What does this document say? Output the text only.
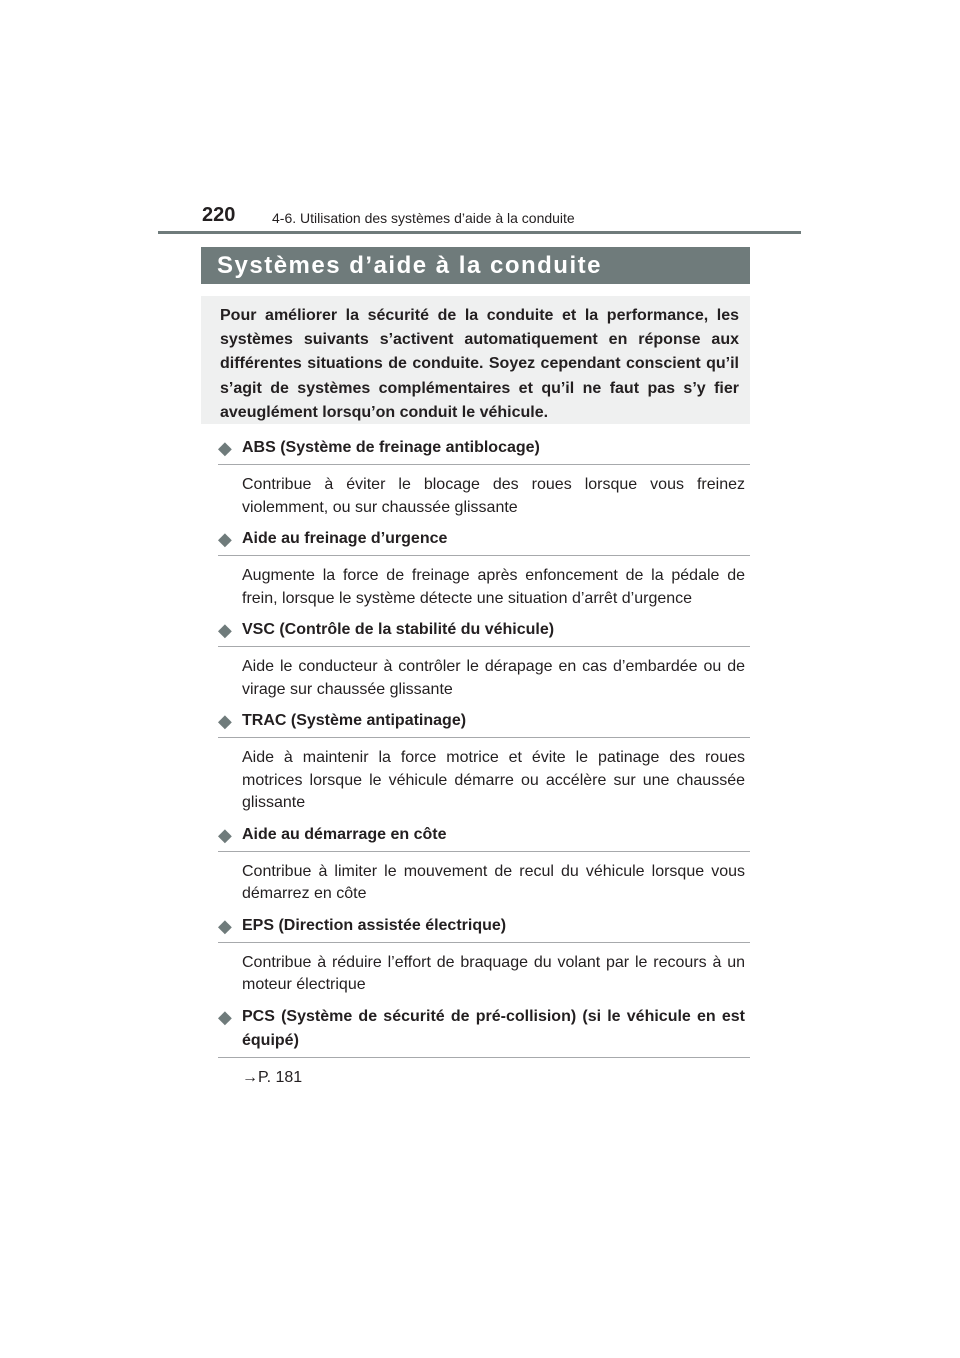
220	4-6. Utilisation des systèmes d’aide à la conduite
Systèmes d’aide à la conduite
Pour améliorer la sécurité de la conduite et la performance, les systèmes suivants s’activent automatiquement en réponse aux différentes situations de conduite. Soyez cependant conscient qu’il s’agit de systèmes complémentaires et qu’il ne faut pas s’y fier aveuglément lorsqu’on conduit le véhicule.
◆ ABS (Système de freinage antiblocage)
Contribue à éviter le blocage des roues lorsque vous freinez violemment, ou sur chaussée glissante
◆ Aide au freinage d’urgence
Augmente la force de freinage après enfoncement de la pédale de frein, lorsque le système détecte une situation d’arrêt d’urgence
◆ VSC (Contrôle de la stabilité du véhicule)
Aide le conducteur à contrôler le dérapage en cas d’embardée ou de virage sur chaussée glissante
◆ TRAC (Système antipatinage)
Aide à maintenir la force motrice et évite le patinage des roues motrices lorsque le véhicule démarre ou accélère sur une chaussée glissante
◆ Aide au démarrage en côte
Contribue à limiter le mouvement de recul du véhicule lorsque vous démarrez en côte
◆ EPS (Direction assistée électrique)
Contribue à réduire l’effort de braquage du volant par le recours à un moteur électrique
◆ PCS (Système de sécurité de pré-collision) (si le véhicule en est équipé)
→P. 181
